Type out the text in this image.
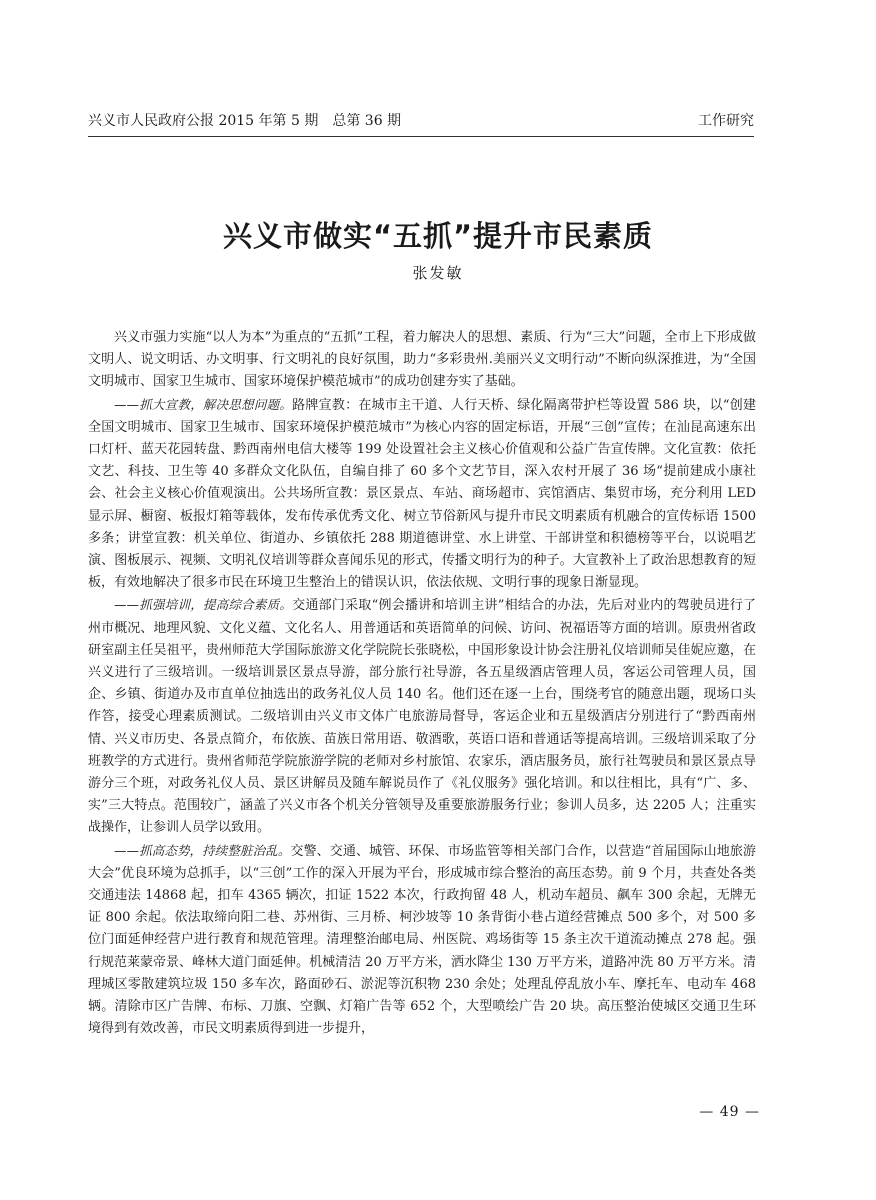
兴义市人民政府公报 2015 年第 5 期　总第 36 期	工作研究
兴义市做实“五抓”提升市民素质
张发敏

兴义市强力实施“以人为本”为重点的“五抓”工程，着力解决人的思想、素质、行为“三大”问题，全市上下形成做文明人、说文明话、办文明事、行文明礼的良好氛围，助力“多彩贵州.美丽兴义文明行动”不断向纵深推进，为“全国文明城市、国家卫生城市、国家环境保护模范城市”的成功创建夯实了基础。

——抓大宣教，解决思想问题。路牌宣教：在城市主干道、人行天桥、绿化隔离带护栏等设置 586 块，以“创建全国文明城市、国家卫生城市、国家环境保护模范城市”为核心内容的固定标语，开展“三创”宣传；在汕昆高速东出口灯杆、蓝天花园转盘、黔西南州电信大楼等 199 处设置社会主义核心价值观和公益广告宣传牌。文化宣教：依托文艺、科技、卫生等 40 多群众文化队伍，自编自排了 60 多个文艺节目，深入农村开展了 36 场“提前建成小康社会、社会主义核心价值观演出。公共场所宣教：景区景点、车站、商场超市、宾馆酒店、集贸市场，充分利用 LED 显示屏、橱窗、板报灯箱等载体，发布传承优秀文化、树立节俗新风与提升市民文明素质有机融合的宣传标语 1500 多条；讲堂宣教：机关单位、街道办、乡镇依托 288 期道德讲堂、水上讲堂、干部讲堂和积德榜等平台，以说唱艺演、图板展示、视频、文明礼仪培训等群众喜闻乐见的形式，传播文明行为的种子。大宣教补上了政治思想教育的短板，有效地解决了很多市民在环境卫生整治上的错误认识，依法依规、文明行事的现象日渐显现。

——抓强培训，提高综合素质。交通部门采取“例会播讲和培训主讲”相结合的办法，先后对业内的驾驶员进行了州市概况、地理风貌、文化义蕴、文化名人、用普通话和英语简单的问候、访问、祝福语等方面的培训。原贵州省政研室副主任吴祖平，贵州师范大学国际旅游文化学院院长张晓松，中国形象设计协会注册礼仪培训师吴佳妮应邀，在兴义进行了三级培训。一级培训景区景点导游，部分旅行社导游，各五星级酒店管理人员，客运公司管理人员，国企、乡镇、街道办及市直单位抽选出的政务礼仪人员 140 名。他们还在逐一上台，围绕考官的随意出题，现场口头作答，接受心理素质测试。二级培训由兴义市文体广电旅游局督导，客运企业和五星级酒店分别进行了“黔西南州情、兴义市历史、各景点简介，布依族、苗族日常用语、敬酒歌，英语口语和普通话等提高培训。三级培训采取了分班教学的方式进行。贵州省师范学院旅游学院的老师对乡村旅馆、农家乐，酒店服务员，旅行社驾驶员和景区景点导游分三个班，对政务礼仪人员、景区讲解员及随车解说员作了《礼仪服务》强化培训。和以往相比，具有“广、多、实”三大特点。范围较广，涵盖了兴义市各个机关分管领导及重要旅游服务行业；参训人员多，达 2205 人；注重实战操作，让参训人员学以致用。

——抓高态势，持续整脏治乱。交警、交通、城管、环保、市场监管等相关部门合作，以营造“首届国际山地旅游大会”优良环境为总抓手，以“三创”工作的深入开展为平台，形成城市综合整治的高压态势。前 9 个月，共查处各类交通违法 14868 起，扣车 4365 辆次，扣证 1522 本次，行政拘留 48 人，机动车超员、飙车 300 余起，无牌无证 800 余起。依法取缔向阳二巷、苏州街、三月桥、柯沙坡等 10 条背街小巷占道经营摊点 500 多个，对 500 多位门面延伸经营户进行教育和规范管理。清理整治邮电局、州医院、鸡场街等 15 条主次干道流动摊点 278 起。强行规范莱蒙帝景、峰林大道门面延伸。机械清洁 20 万平方米，洒水降尘 130 万平方米，道路冲洗 80 万平方米。清理城区零散建筑垃圾 150 多车次，路面砂石、淤泥等沉积物 230 余处；处理乱停乱放小车、摩托车、电动车 468 辆。清除市区广告牌、布标、刀旗、空飘、灯箱广告等 652 个，大型喷绘广告 20 块。高压整治使城区交通卫生环境得到有效改善，市民文明素质得到进一步提升，

— 49 —
